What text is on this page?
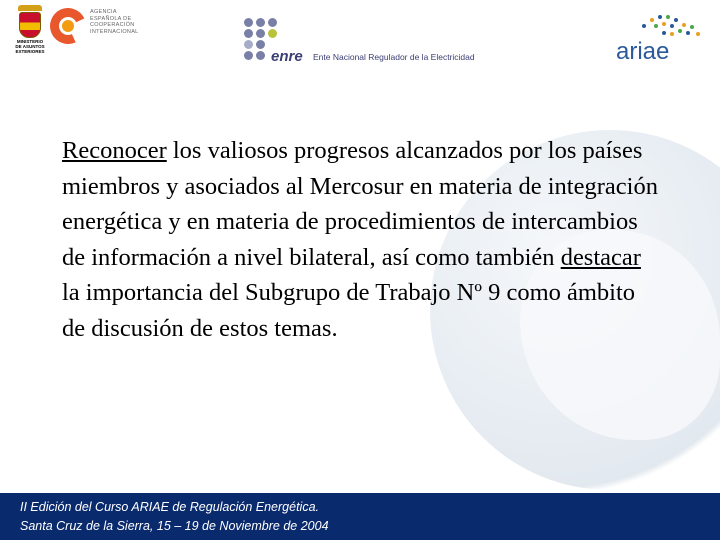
MINISTERIO
DE ASUNTOS
EXTERIORES
AGENCIA
ESPAÑOLA DE
COOPERACIÓN
INTERNACIONAL
enre Ente Nacional Regulador de la Electricidad	ariae
Reconocer los valiosos progresos alcanzados por los países miembros y asociados al Mercosur en materia de integración energética y en materia de procedimientos de intercambios de información a nivel bilateral, así como también destacar la importancia del Subgrupo de Trabajo Nº 9 como ámbito de discusión de estos temas.
II Edición del Curso ARIAE de Regulación Energética.
Santa Cruz de la Sierra, 15 – 19 de Noviembre de 2004
